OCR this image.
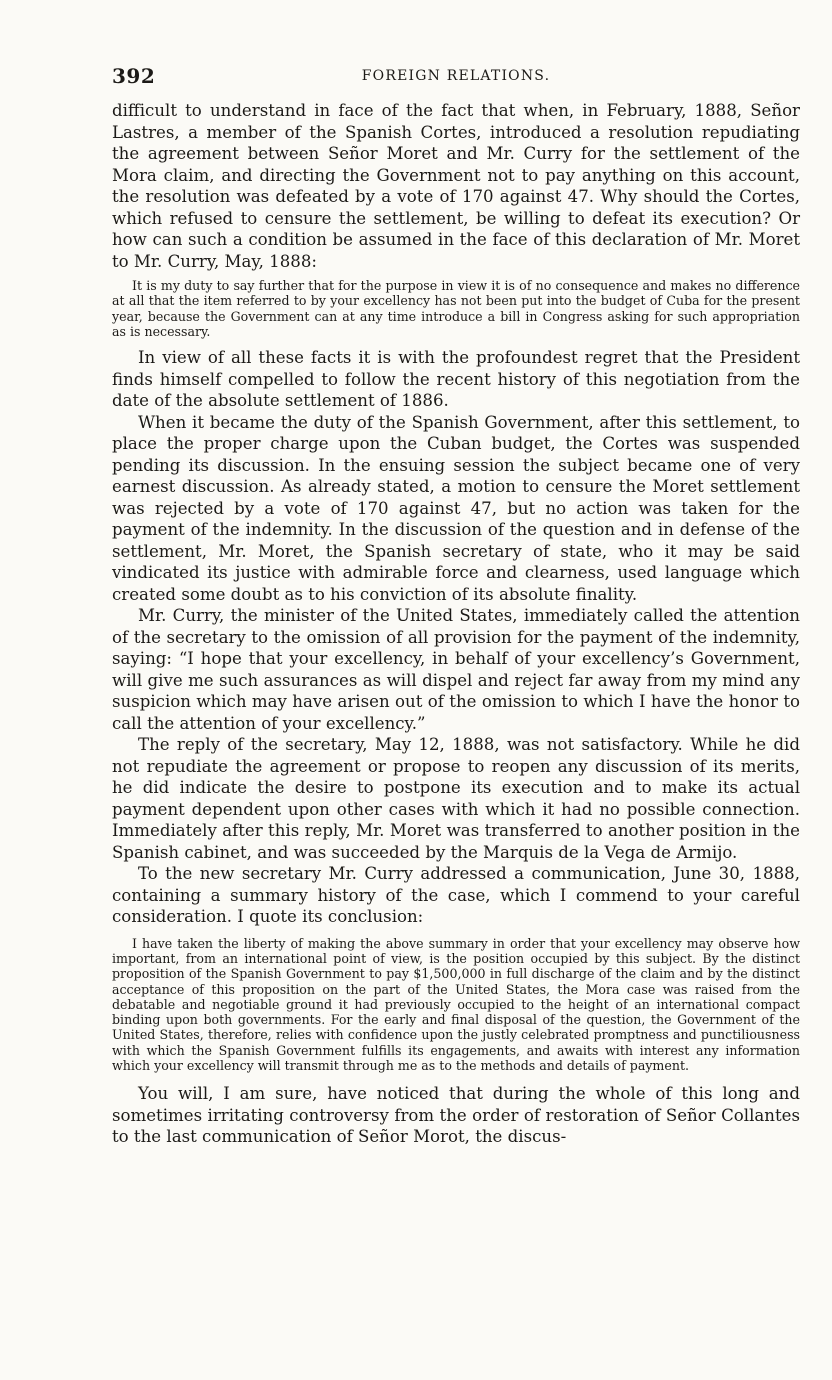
392	FOREIGN RELATIONS.

difficult to understand in face of the fact that when, in February, 1888, Señor Lastres, a member of the Spanish Cortes, introduced a resolution repudiating the agreement between Señor Moret and Mr. Curry for the settlement of the Mora claim, and directing the Government not to pay anything on this account, the resolution was defeated by a vote of 170 against 47. Why should the Cortes, which refused to censure the settlement, be willing to defeat its execution? Or how can such a condition be assumed in the face of this declaration of Mr. Moret to Mr. Curry, May, 1888:

It is my duty to say further that for the purpose in view it is of no consequence and makes no difference at all that the item referred to by your excellency has not been put into the budget of Cuba for the present year, because the Government can at any time introduce a bill in Congress asking for such appropriation as is necessary.

In view of all these facts it is with the profoundest regret that the President finds himself compelled to follow the recent history of this negotiation from the date of the absolute settlement of 1886.

When it became the duty of the Spanish Government, after this settlement, to place the proper charge upon the Cuban budget, the Cortes was suspended pending its discussion. In the ensuing session the subject became one of very earnest discussion. As already stated, a motion to censure the Moret settlement was rejected by a vote of 170 against 47, but no action was taken for the payment of the indemnity. In the discussion of the question and in defense of the settlement, Mr. Moret, the Spanish secretary of state, who it may be said vindicated its justice with admirable force and clearness, used language which created some doubt as to his conviction of its absolute finality.

Mr. Curry, the minister of the United States, immediately called the attention of the secretary to the omission of all provision for the payment of the indemnity, saying: “I hope that your excellency, in behalf of your excellency’s Government, will give me such assurances as will dispel and reject far away from my mind any suspicion which may have arisen out of the omission to which I have the honor to call the attention of your excellency.”

The reply of the secretary, May 12, 1888, was not satisfactory. While he did not repudiate the agreement or propose to reopen any discussion of its merits, he did indicate the desire to postpone its execution and to make its actual payment dependent upon other cases with which it had no possible connection. Immediately after this reply, Mr. Moret was transferred to another position in the Spanish cabinet, and was succeeded by the Marquis de la Vega de Armijo.

To the new secretary Mr. Curry addressed a communication, June 30, 1888, containing a summary history of the case, which I commend to your careful consideration. I quote its conclusion:

I have taken the liberty of making the above summary in order that your excellency may observe how important, from an international point of view, is the position occupied by this subject. By the distinct proposition of the Spanish Government to pay $1,500,000 in full discharge of the claim and by the distinct acceptance of this proposition on the part of the United States, the Mora case was raised from the debatable and negotiable ground it had previously occupied to the height of an international compact binding upon both governments. For the early and final disposal of the question, the Government of the United States, therefore, relies with confidence upon the justly celebrated promptness and punctiliousness with which the Spanish Government fulfills its engagements, and awaits with interest any information which your excellency will transmit through me as to the methods and details of payment.

You will, I am sure, have noticed that during the whole of this long and sometimes irritating controversy from the order of restoration of Señor Collantes to the last communication of Señor Morot, the discus-
